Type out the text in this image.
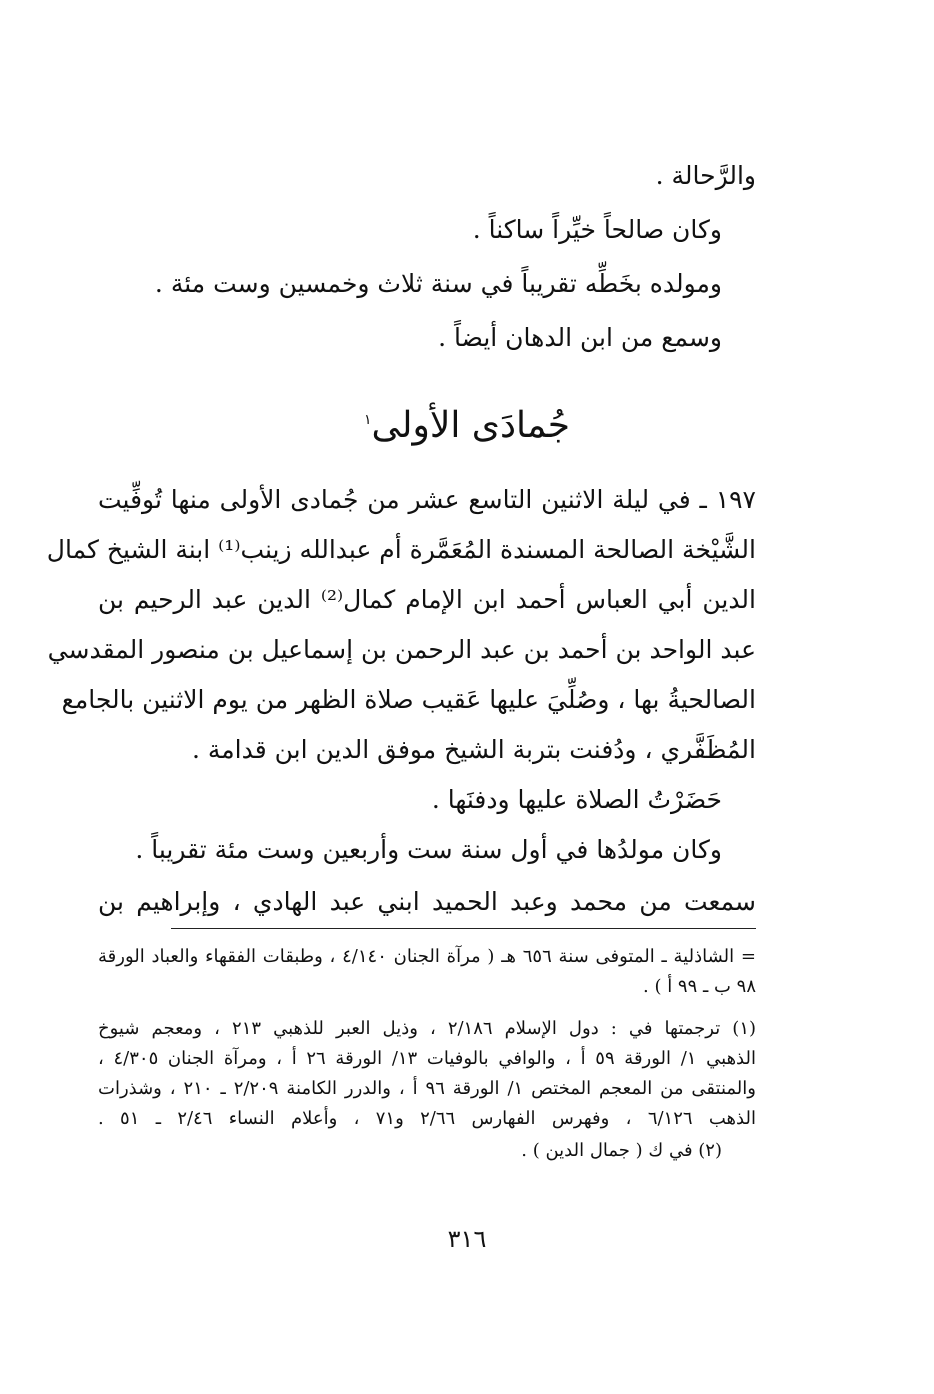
والرَّحالة .

وكان صالحاً خيِّراً ساكناً .

ومولده بخَطِّه تقريباً في سنة ثلاث وخمسين وست مئة .

وسمع من ابن الدهان أيضاً .

جُمادَى الأولى$^١$

١٩٧ ـ في ليلة الاثنين التاسع عشر من جُمادى الأولى منها تُوفِّيت

الشَّيْخة الصالحة المسندة المُعَمَّرة أم عبدالله زينب⁽¹⁾ ابنة الشيخ كمال

الدين أبي العباس أحمد ابن الإمام كمال⁽²⁾ الدين عبد الرحيم بن

عبد الواحد بن أحمد بن عبد الرحمن بن إسماعيل بن منصور المقدسي

الصالحيةُ بها ، وصُلِّيَ عليها عَقيب صلاة الظهر من يوم الاثنين بالجامع

المُظَفَّري ، ودُفنت بتربة الشيخ موفق الدين ابن قدامة .

حَضَرْتُ الصلاة عليها ودفنَها .

وكان مولدُها في أول سنة ست وأربعين وست مئة تقريباً .

سمعت من محمد وعبد الحميد ابني عبد الهادي ، وإبراهيم بن

= الشاذلية ـ المتوفى سنة ٦٥٦ هـ ( مرآة الجنان ٤/١٤٠ ، وطبقات الفقهاء والعباد الورقة

٩٨ ب ـ ٩٩ أ ) .

(١) ترجمتها في : دول الإسلام ٢/١٨٦ ، وذيل العبر للذهبي ٢١٣ ، ومعجم شيوخ

الذهبي ١/ الورقة ٥٩ أ ، والوافي بالوفيات ١٣/ الورقة ٢٦ أ ، ومرآة الجنان ٤/٣٠٥ ،

والمنتقى من المعجم المختص ١/ الورقة ٩٦ أ ، والدرر الكامنة ٢/٢٠٩ ـ ٢١٠ ، وشذرات

الذهب ٦/١٢٦ ، وفهرس الفهارس ٢/٦٦ و٧١ ، وأعلام النساء ٢/٤٦ ـ ٥١ .

(٢) في ك ( جمال الدين ) .

٣١٦
